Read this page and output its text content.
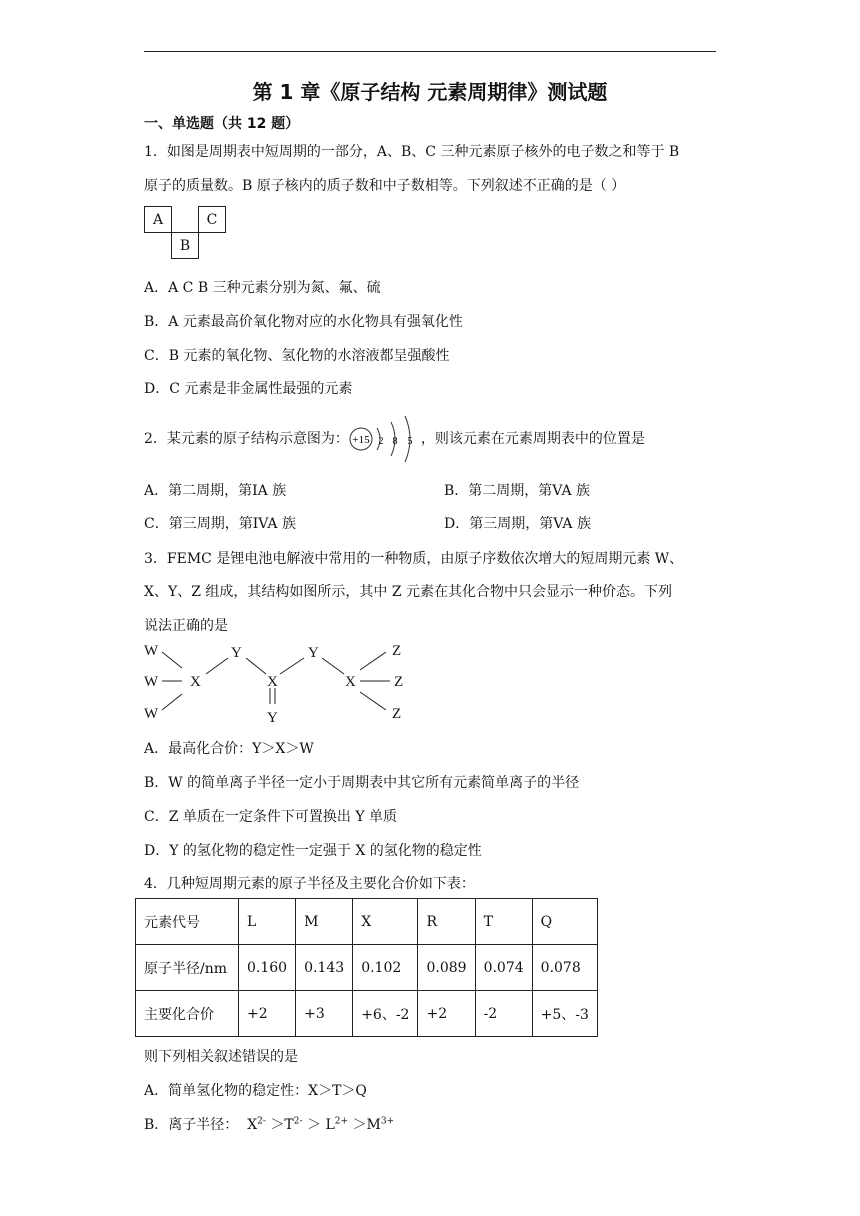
第 1 章《原子结构 元素周期律》测试题
一、单选题（共 12 题）
1．如图是周期表中短周期的一部分，A、B、C 三种元素原子核外的电子数之和等于 B
原子的质量数。B 原子核内的质子数和中子数相等。下列叙述不正确的是（ ）
A		C
	B	
A．A C B 三种元素分别为氮、氟、硫
B．A 元素最高价氧化物对应的水化物具有强氧化性
C．B 元素的氧化物、氢化物的水溶液都呈强酸性
D．C 元素是非金属性最强的元素
2．某元素的原子结构示意图为： +15 2 8 5 ，则该元素在元素周期表中的位置是
A．第二周期，第IA 族	B．第二周期，第VA 族
C．第三周期，第IVA 族	D．第三周期，第VA 族
3．FEMC 是锂电池电解液中常用的一种物质，由原子序数依次增大的短周期元素 W、
X、Y、Z 组成，其结构如图所示，其中 Z 元素在其化合物中只会显示一种价态。下列
说法正确的是
W
W
W
X
Y
X
Y
Y
X
Z
Z
Z
A．最高化合价：Y＞X＞W
B．W 的简单离子半径一定小于周期表中其它所有元素简单离子的半径
C．Z 单质在一定条件下可置换出 Y 单质
D．Y 的氢化物的稳定性一定强于 X 的氢化物的稳定性
4．几种短周期元素的原子半径及主要化合价如下表：
元素代号	L	M	X	R	T	Q
原子半径/nm	0.160	0.143	0.102	0.089	0.074	0.078
主要化合价	+2	+3	+6、-2	+2	-2	+5、-3
则下列相关叙述错误的是
A．简单氢化物的稳定性：X＞T＞Q
B．离子半径： $X^{2-} >T^{2-} > L^{2+} >M^{3+}$
